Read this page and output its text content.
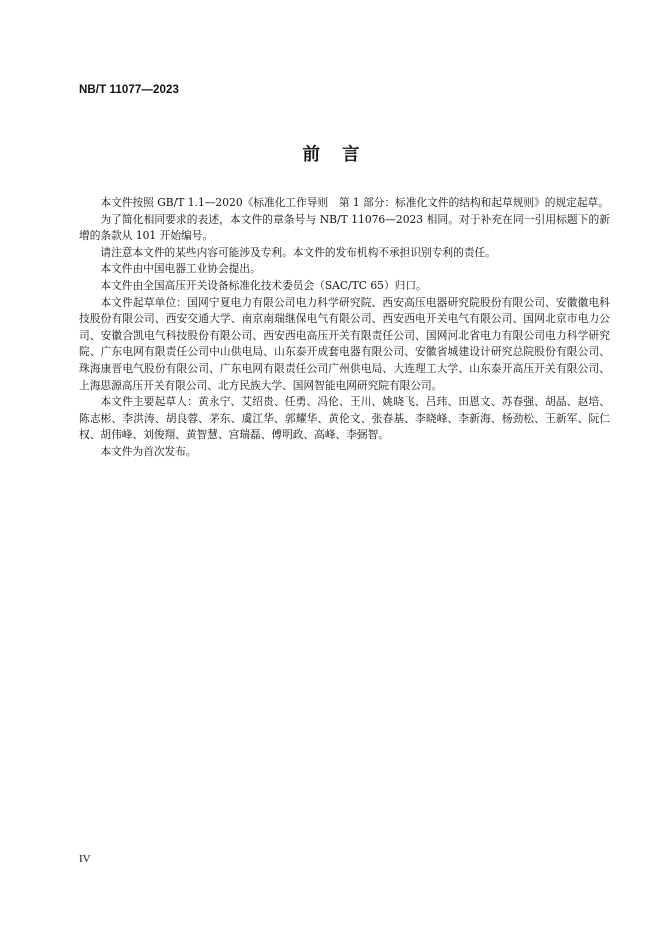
NB/T 11077—2023
前言

本文件按照 GB/T 1.1—2020《标准化工作导则　第 1 部分：标准化文件的结构和起草规则》的规定起草。

为了简化相同要求的表述，本文件的章条号与 NB/T 11076—2023 相同。对于补充在同一引用标题下的新增的条款从 101 开始编号。

请注意本文件的某些内容可能涉及专利。本文件的发布机构不承担识别专利的责任。

本文件由中国电器工业协会提出。

本文件由全国高压开关设备标准化技术委员会（SAC/TC 65）归口。

本文件起草单位：国网宁夏电力有限公司电力科学研究院、西安高压电器研究院股份有限公司、安徽徽电科技股份有限公司、西安交通大学、南京南瑞继保电气有限公司、西安西电开关电气有限公司、国网北京市电力公司、安徽合凯电气科技股份有限公司、西安西电高压开关有限责任公司、国网河北省电力有限公司电力科学研究院、广东电网有限责任公司中山供电局、山东泰开成套电器有限公司、安徽省城建设计研究总院股份有限公司、珠海康晋电气股份有限公司、广东电网有限责任公司广州供电局、大连理工大学、山东泰开高压开关有限公司、上海思源高压开关有限公司、北方民族大学、国网智能电网研究院有限公司。

本文件主要起草人：黄永宁、艾绍贵、任勇、冯伦、王川、姚晓飞、吕玮、田恩文、苏春强、胡晶、赵培、陈志彬、李洪涛、胡良蓉、茅东、虞江华、郭耀华、黄伦文、张春基、李晓峰、李新海、杨劲松、王新军、阮仁权、胡伟峰、刘俊翔、黄智慧、宫瑞磊、傅明政、高峰、李弼智。

本文件为首次发布。

IV
